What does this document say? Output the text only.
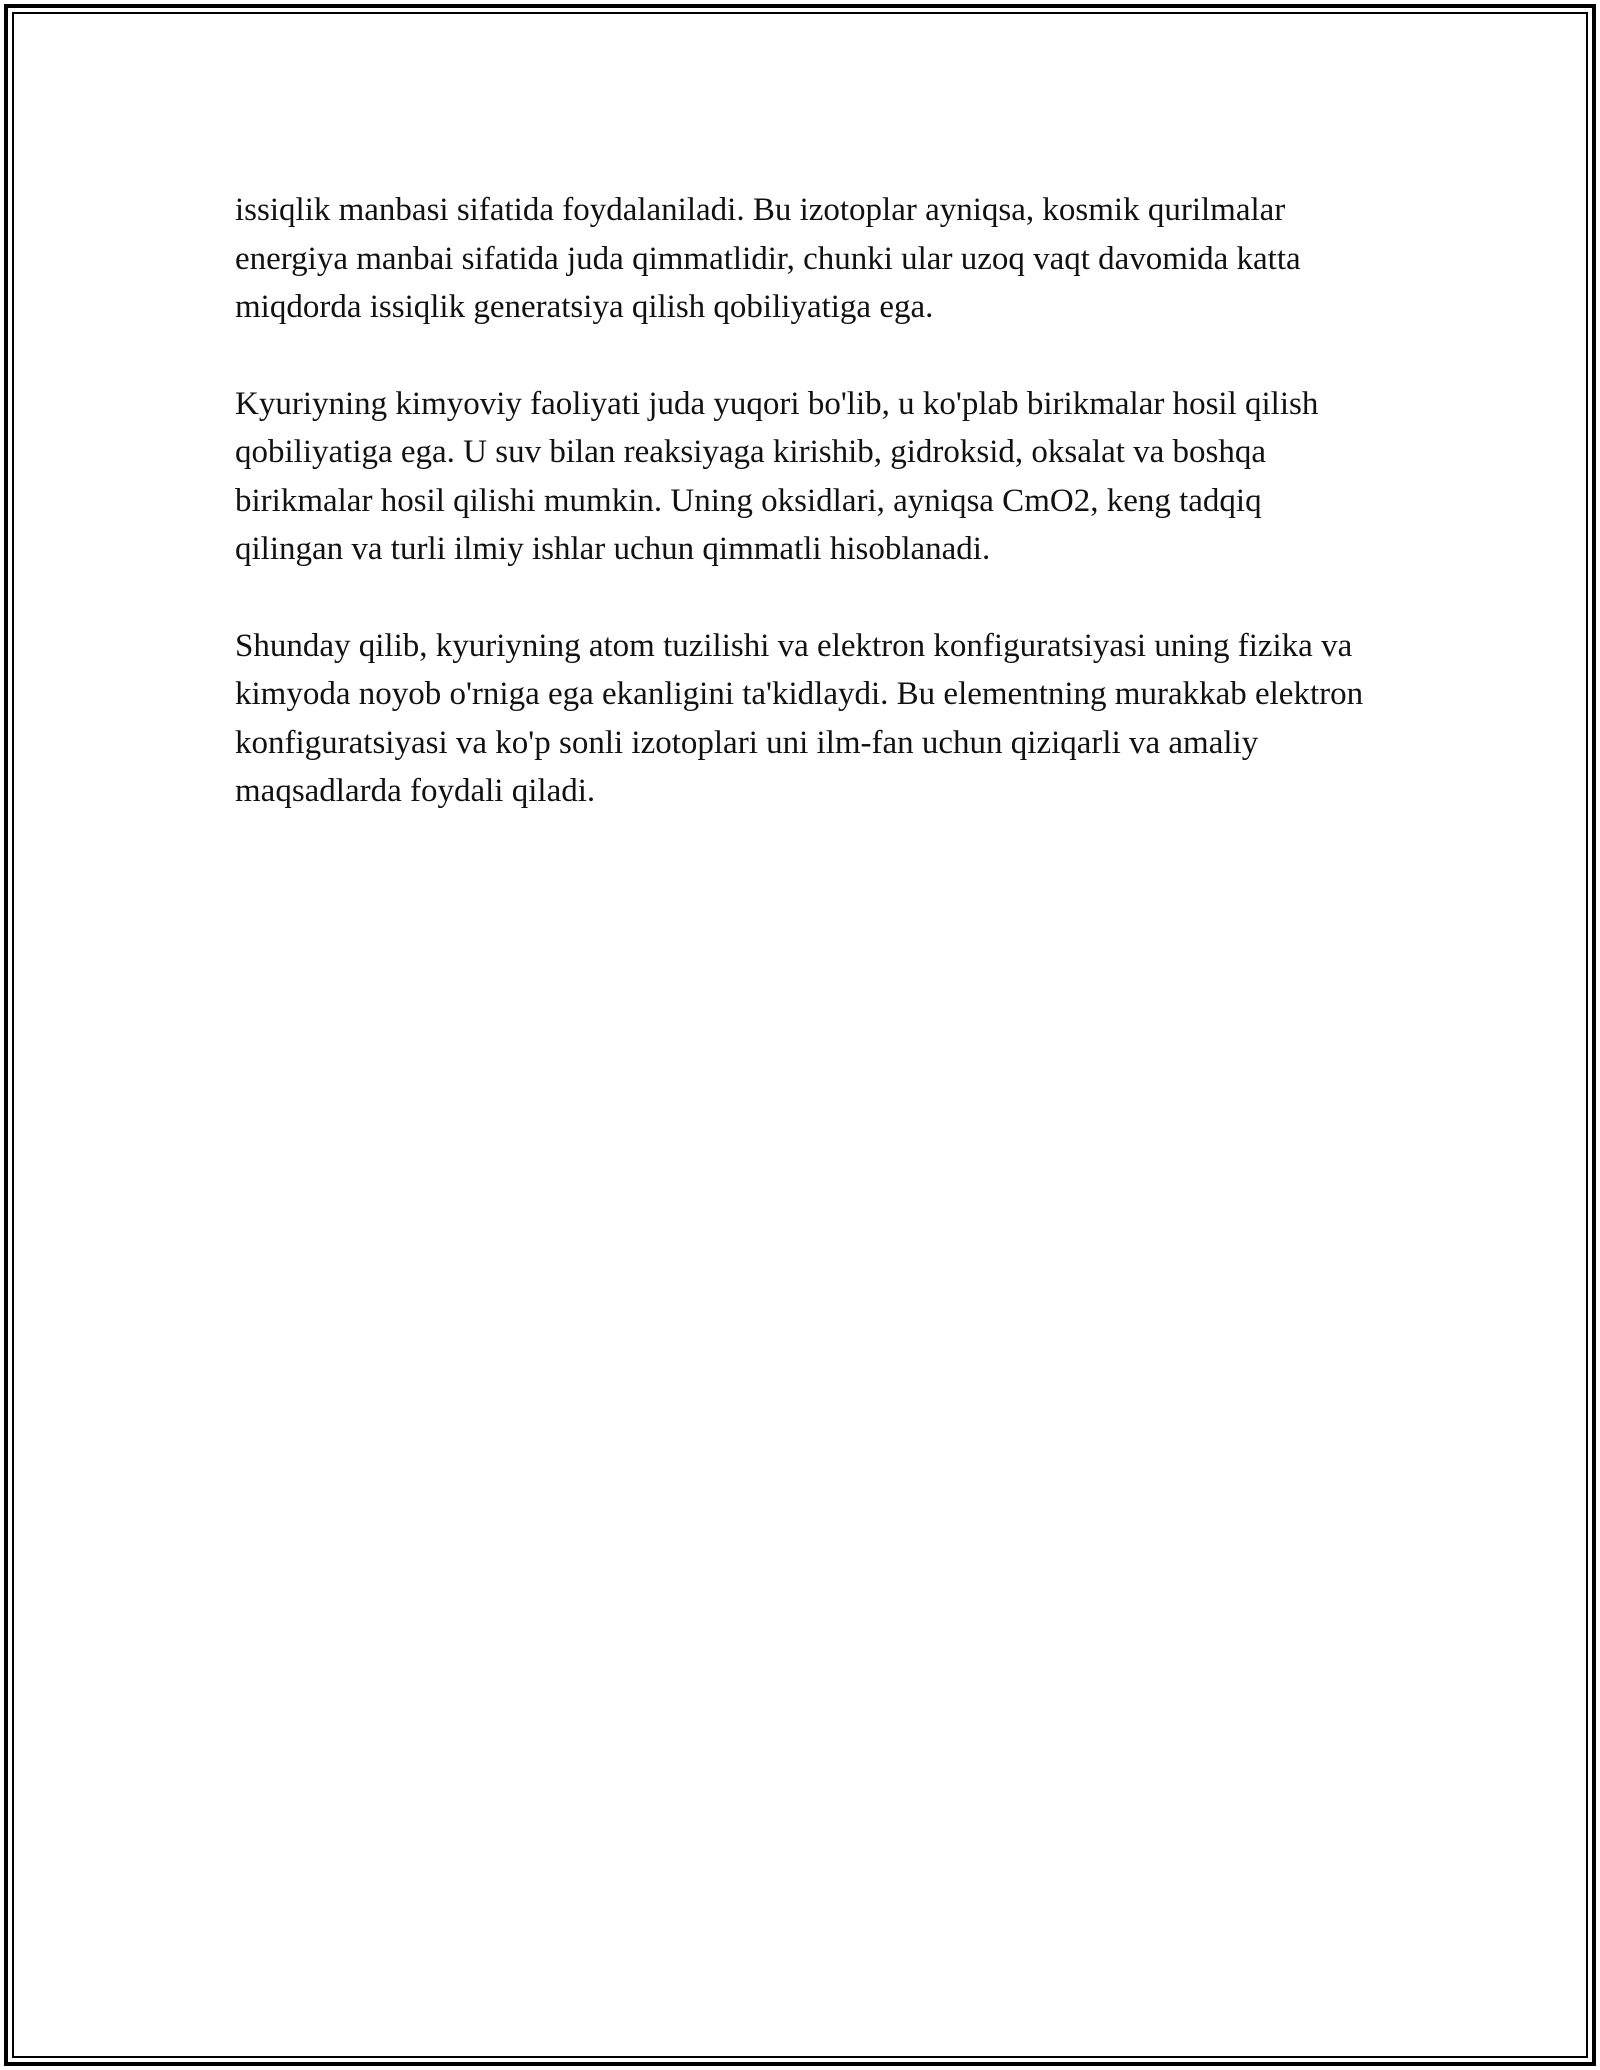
issiqlik manbasi sifatida foydalaniladi. Bu izotoplar ayniqsa, kosmik qurilmalar energiya manbai sifatida juda qimmatlidir, chunki ular uzoq vaqt davomida katta miqdorda issiqlik generatsiya qilish qobiliyatiga ega.

Kyuriyning kimyoviy faoliyati juda yuqori bo'lib, u ko'plab birikmalar hosil qilish qobiliyatiga ega. U suv bilan reaksiyaga kirishib, gidroksid, oksalat va boshqa birikmalar hosil qilishi mumkin. Uning oksidlari, ayniqsa CmO2, keng tadqiq qilingan va turli ilmiy ishlar uchun qimmatli hisoblanadi.

Shunday qilib, kyuriyning atom tuzilishi va elektron konfiguratsiyasi uning fizika va kimyoda noyob o'rniga ega ekanligini ta'kidlaydi. Bu elementning murakkab elektron konfiguratsiyasi va ko'p sonli izotoplari uni ilm-fan uchun qiziqarli va amaliy maqsadlarda foydali qiladi.
